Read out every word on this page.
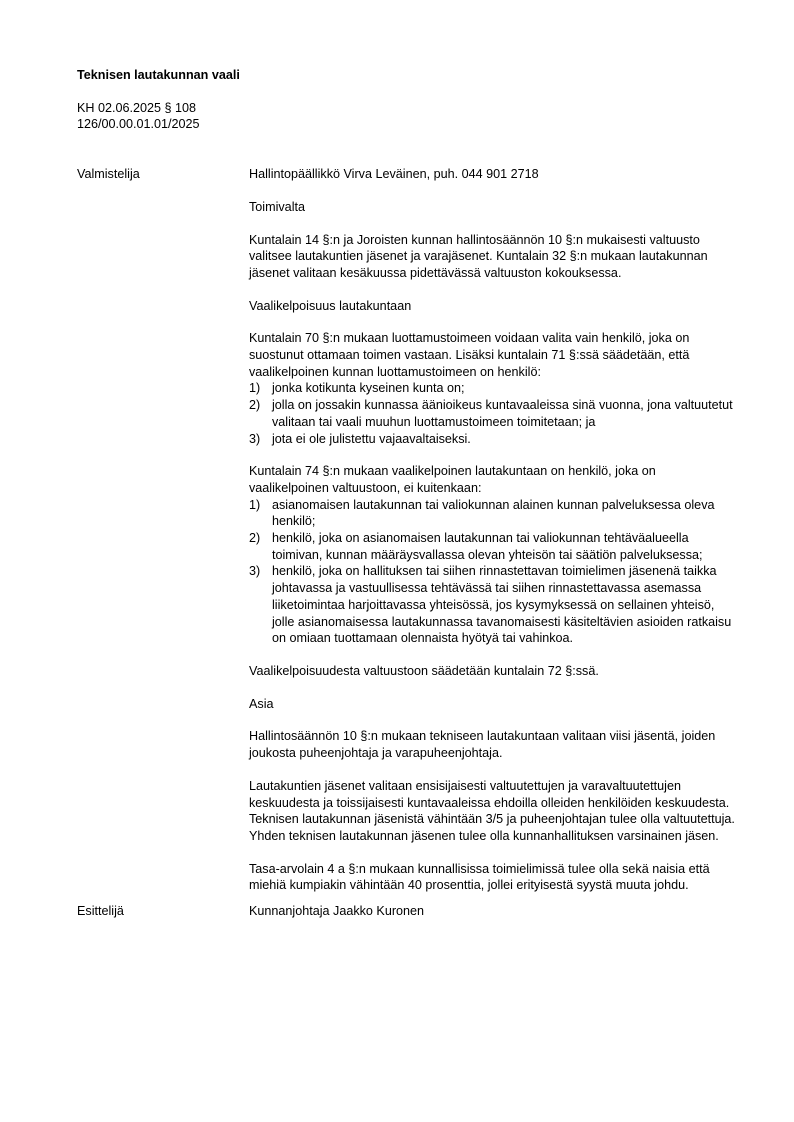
Teknisen lautakunnan vaali
KH 02.06.2025 § 108
126/00.00.01.01/2025
Valmistelija	Hallintopäällikkö Virva Leväinen, puh. 044 901 2718

Toimivalta

Kuntalain 14 §:n ja Joroisten kunnan hallintosäännön 10 §:n mukaisesti valtuusto valitsee lautakuntien jäsenet ja varajäsenet. Kuntalain 32 §:n mukaan lautakunnan jäsenet valitaan kesäkuussa pidettävässä valtuuston kokouksessa.

Vaalikelpoisuus lautakuntaan

Kuntalain 70 §:n mukaan luottamustoimeen voidaan valita vain henkilö, joka on suostunut ottamaan toimen vastaan. Lisäksi kuntalain 71 §:ssä säädetään, että vaalikelpoinen kunnan luottamustoimeen on henkilö:

1) jonka kotikunta kyseinen kunta on;
2) jolla on jossakin kunnassa äänioikeus kuntavaaleissa sinä vuonna, jona valtuutetut valitaan tai vaali muuhun luottamustoimeen toimitetaan; ja
3) jota ei ole julistettu vajaavaltaiseksi.

Kuntalain 74 §:n mukaan vaalikelpoinen lautakuntaan on henkilö, joka on vaalikelpoinen valtuustoon, ei kuitenkaan:

1) asianomaisen lautakunnan tai valiokunnan alainen kunnan palveluksessa oleva henkilö;
2) henkilö, joka on asianomaisen lautakunnan tai valiokunnan tehtäväalueella toimivan, kunnan määräysvallassa olevan yhteisön tai säätiön palveluksessa;
3) henkilö, joka on hallituksen tai siihen rinnastettavan toimielimen jäsenenä taikka johtavassa ja vastuullisessa tehtävässä tai siihen rinnastettavassa asemassa liiketoimintaa harjoittavassa yhteisössä, jos kysymyksessä on sellainen yhteisö, jolle asianomaisessa lautakunnassa tavanomaisesti käsiteltävien asioiden ratkaisu on omiaan tuottamaan olennaista hyötyä tai vahinkoa.

Vaalikelpoisuudesta valtuustoon säädetään kuntalain 72 §:ssä.

Asia

Hallintosäännön 10 §:n mukaan tekniseen lautakuntaan valitaan viisi jäsentä, joiden joukosta puheenjohtaja ja varapuheenjohtaja.

Lautakuntien jäsenet valitaan ensisijaisesti valtuutettujen ja varavaltuutettujen keskuudesta ja toissijaisesti kuntavaaleissa ehdoilla olleiden henkilöiden keskuudesta. Teknisen lautakunnan jäsenistä vähintään 3/5 ja puheenjohtajan tulee olla valtuutettuja. Yhden teknisen lautakunnan jäsenen tulee olla kunnanhallituksen varsinainen jäsen.

Tasa-arvolain 4 a §:n mukaan kunnallisissa toimielimissä tulee olla sekä naisia että miehiä kumpiakin vähintään 40 prosenttia, jollei erityisestä syystä muuta johdu.

Esittelijä	Kunnanjohtaja Jaakko Kuronen
